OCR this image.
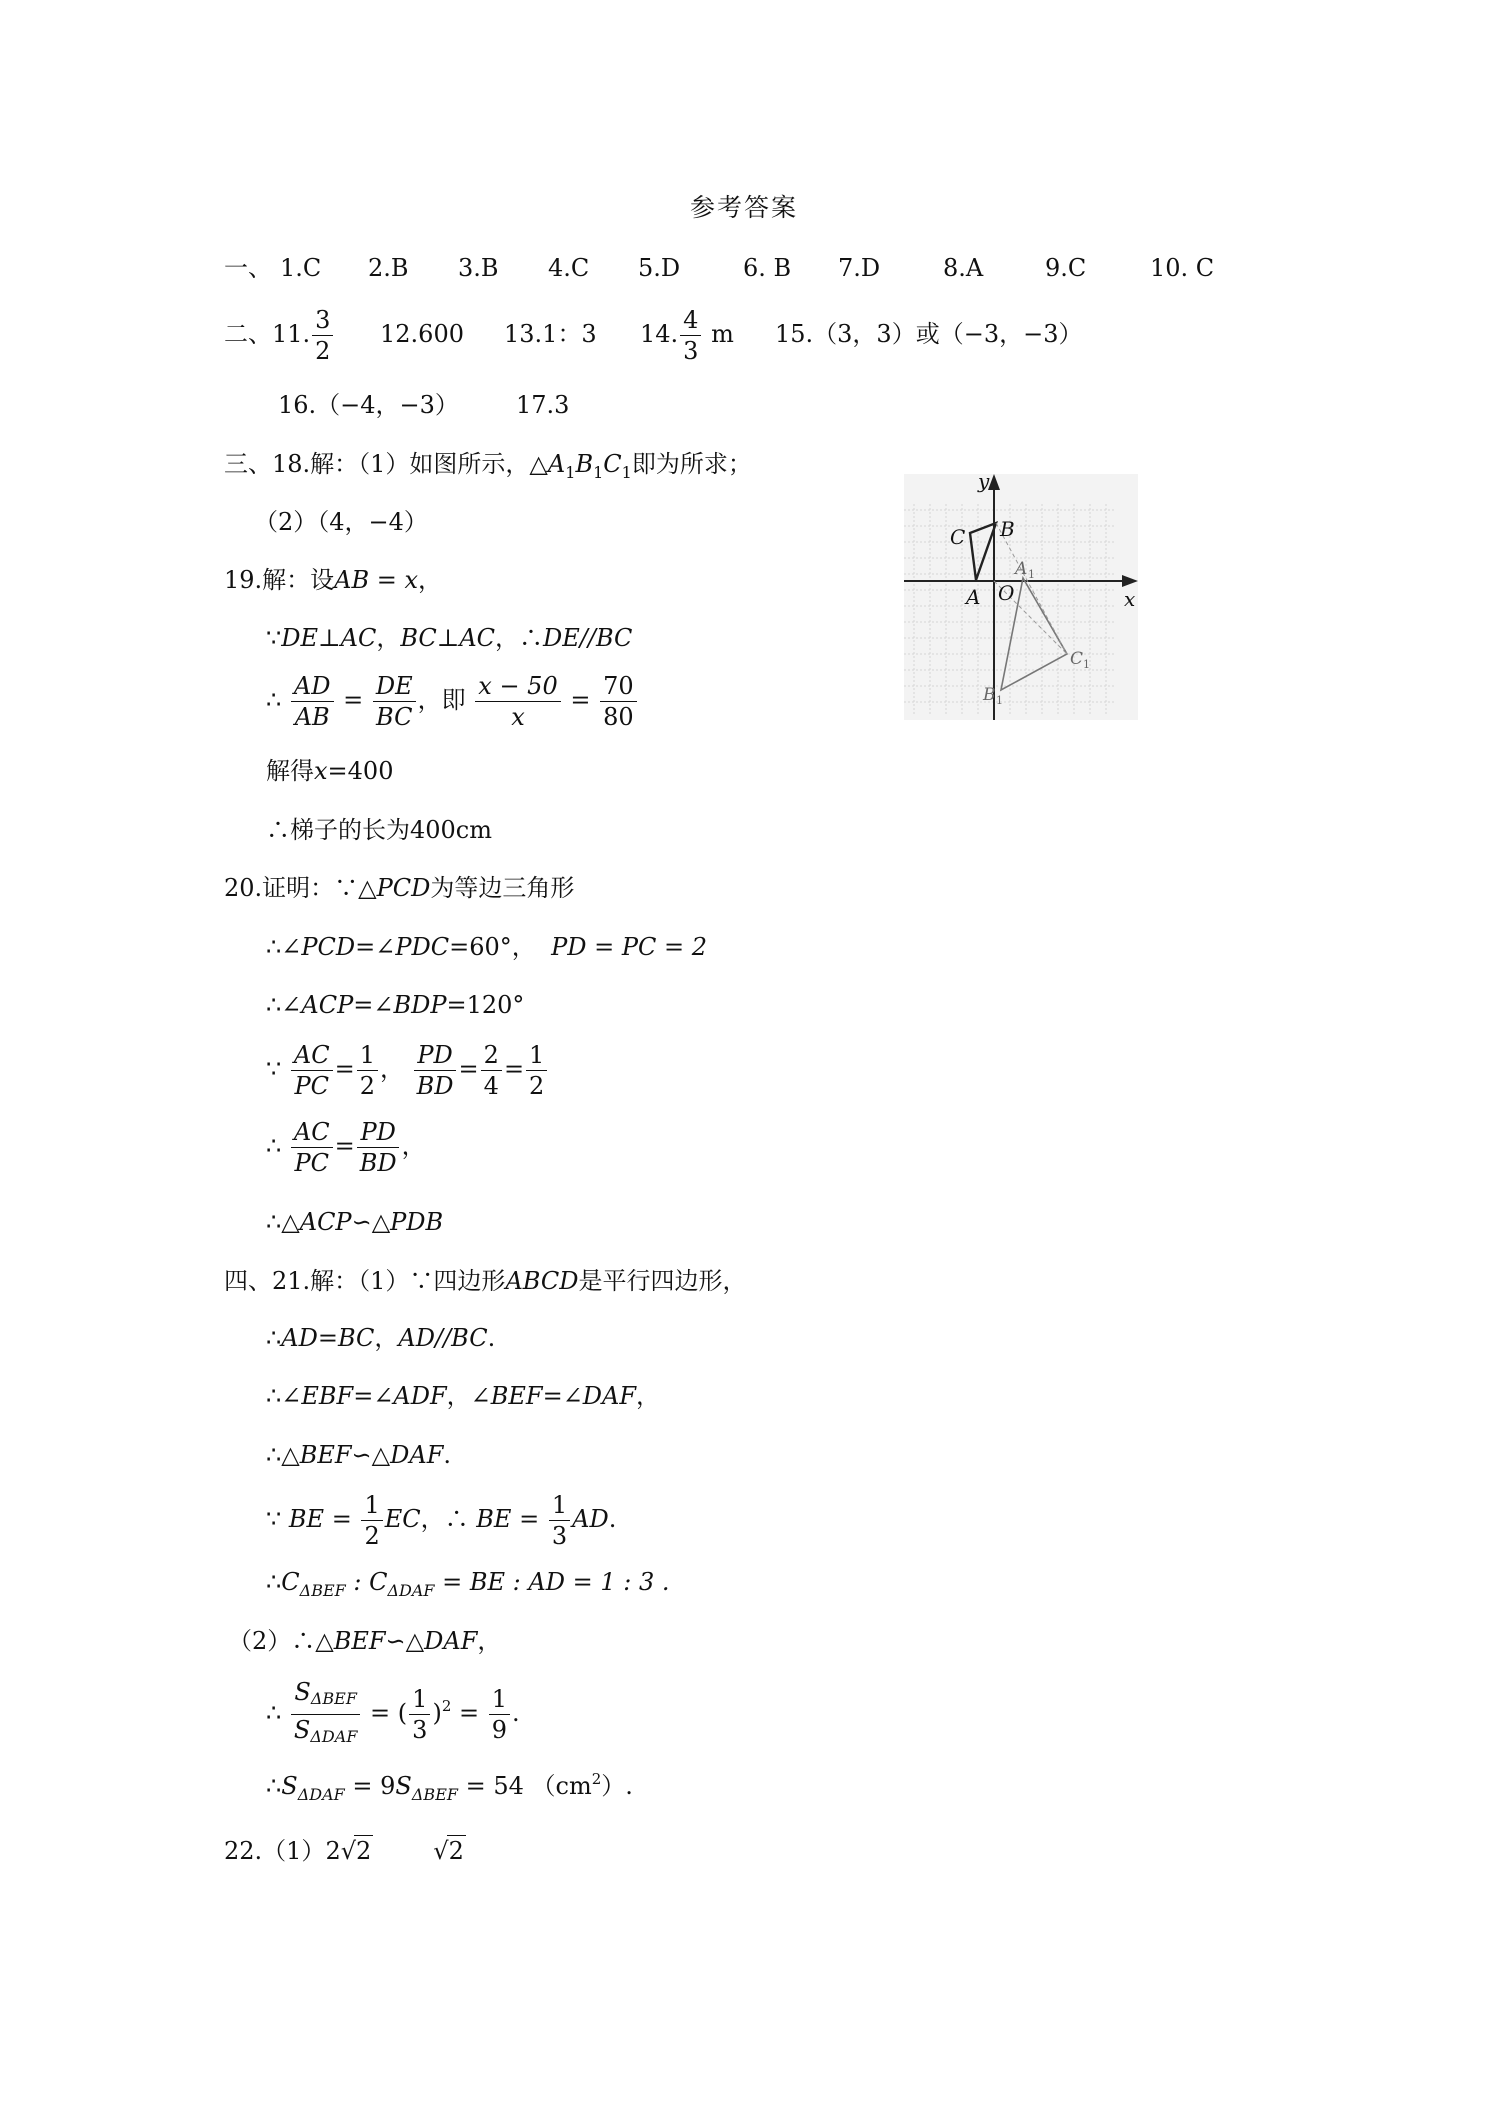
参考答案
一、 1.C 2.B 3.B 4.C 5.D	6. B 7.D	8.A	9.C	10. C
二、11. $\frac{3}{2} 12.600$ 13.1：3 14. $\frac{4}{3}$ m 15.（3，3）或（−3，−3）
16.（−4，−3） 17.3
三、18.解：（1）如图所示，$\triangle A_1B_1C_1$即为所求；
（2）（4，−4）
y
x
B
C
A O
A 1
C 1
B 1
19.解：设AB = x，
∵DE⊥AC，BC⊥AC，∴DE//BC
∴ $\frac{AD}{AB} = \frac{DE}{BC}$ ，即 $\frac{x - 50}{x} = \frac{70}{80}$
解得x=400
∴梯子的长为400cm
20.证明：∵△PCD为等边三角形
∴∠PCD=∠PDC=60°， PD = PC = 2
∴∠ACP=∠BDP=120°
∵ $\frac{AC}{PC} = \frac{1}{2}$ ， $\frac{PD}{BD} = \frac{2}{4} = \frac{1}{2}$
∴ $\frac{AC}{PC} = \frac{PD}{BD}$ ，
∴△ACP∽△PDB
四、21.解：（1）∵四边形ABCD是平行四边形，
∴AD=BC，AD//BC.
∴∠EBF=∠ADF，∠BEF=∠DAF，
∴△BEF∽△DAF.
∵ BE = $\frac{1}{2}$ EC，∴ BE = $\frac{1}{3}$ AD.
$\therefore C_{\Delta BEF}$ : $C_{\Delta DAF}$ = BE : AD = 1 : 3 .
（2）∴△BEF∽△DAF，
∴ $\frac{S_{\Delta BEF}}{S_{\Delta DAF}}$ = ( $\frac{1}{3} )^2 = \frac{1}{9}$ .
$\therefore S_{\Delta DAF} = 9S_{\Delta BEF} = 54$ $(cm^2)$.
22.（1）2√2	√2
